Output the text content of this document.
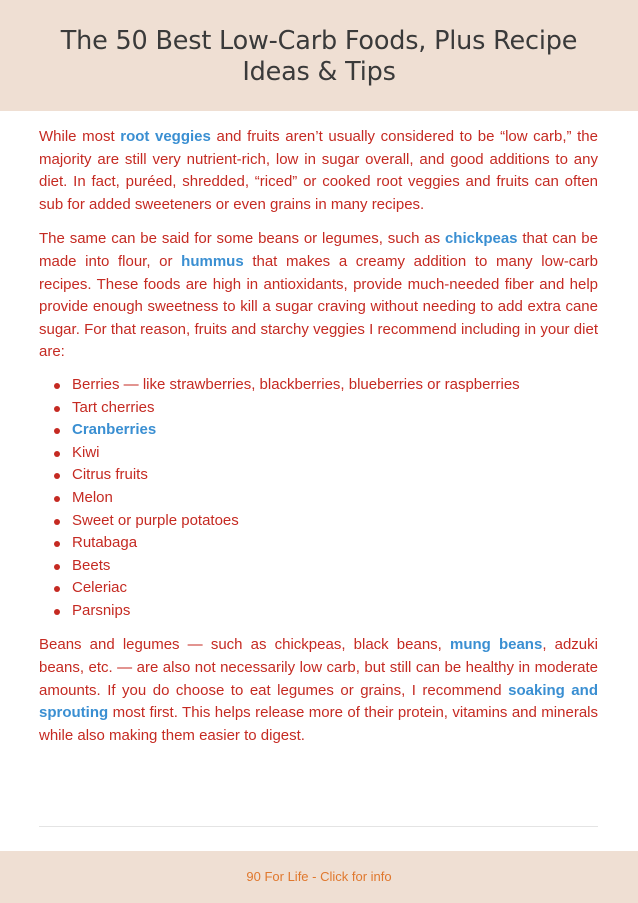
The 50 Best Low-Carb Foods, Plus Recipe
Ideas & Tips

While most root veggies and fruits aren’t usually considered to be “low carb,” the majority are still very nutrient-rich, low in sugar overall, and good additions to any diet. In fact, puréed, shredded, “riced” or cooked root veggies and fruits can often sub for added sweeteners or even grains in many recipes.

The same can be said for some beans or legumes, such as chickpeas that can be made into flour, or hummus that makes a creamy addition to many low-carb recipes. These foods are high in antioxidants, provide much-needed fiber and help provide enough sweetness to kill a sugar craving without needing to add extra cane sugar. For that reason, fruits and starchy veggies I recommend including in your diet are:

Berries — like strawberries, blackberries, blueberries or raspberries
Tart cherries
Cranberries
Kiwi
Citrus fruits
Melon
Sweet or purple potatoes
Rutabaga
Beets
Celeriac
Parsnips

Beans and legumes — such as chickpeas, black beans, mung beans, adzuki beans, etc. — are also not necessarily low carb, but still can be healthy in moderate amounts. If you do choose to eat legumes or grains, I recommend soaking and sprouting most first. This helps release more of their protein, vitamins and minerals while also making them easier to digest.

90 For Life - Click for info
